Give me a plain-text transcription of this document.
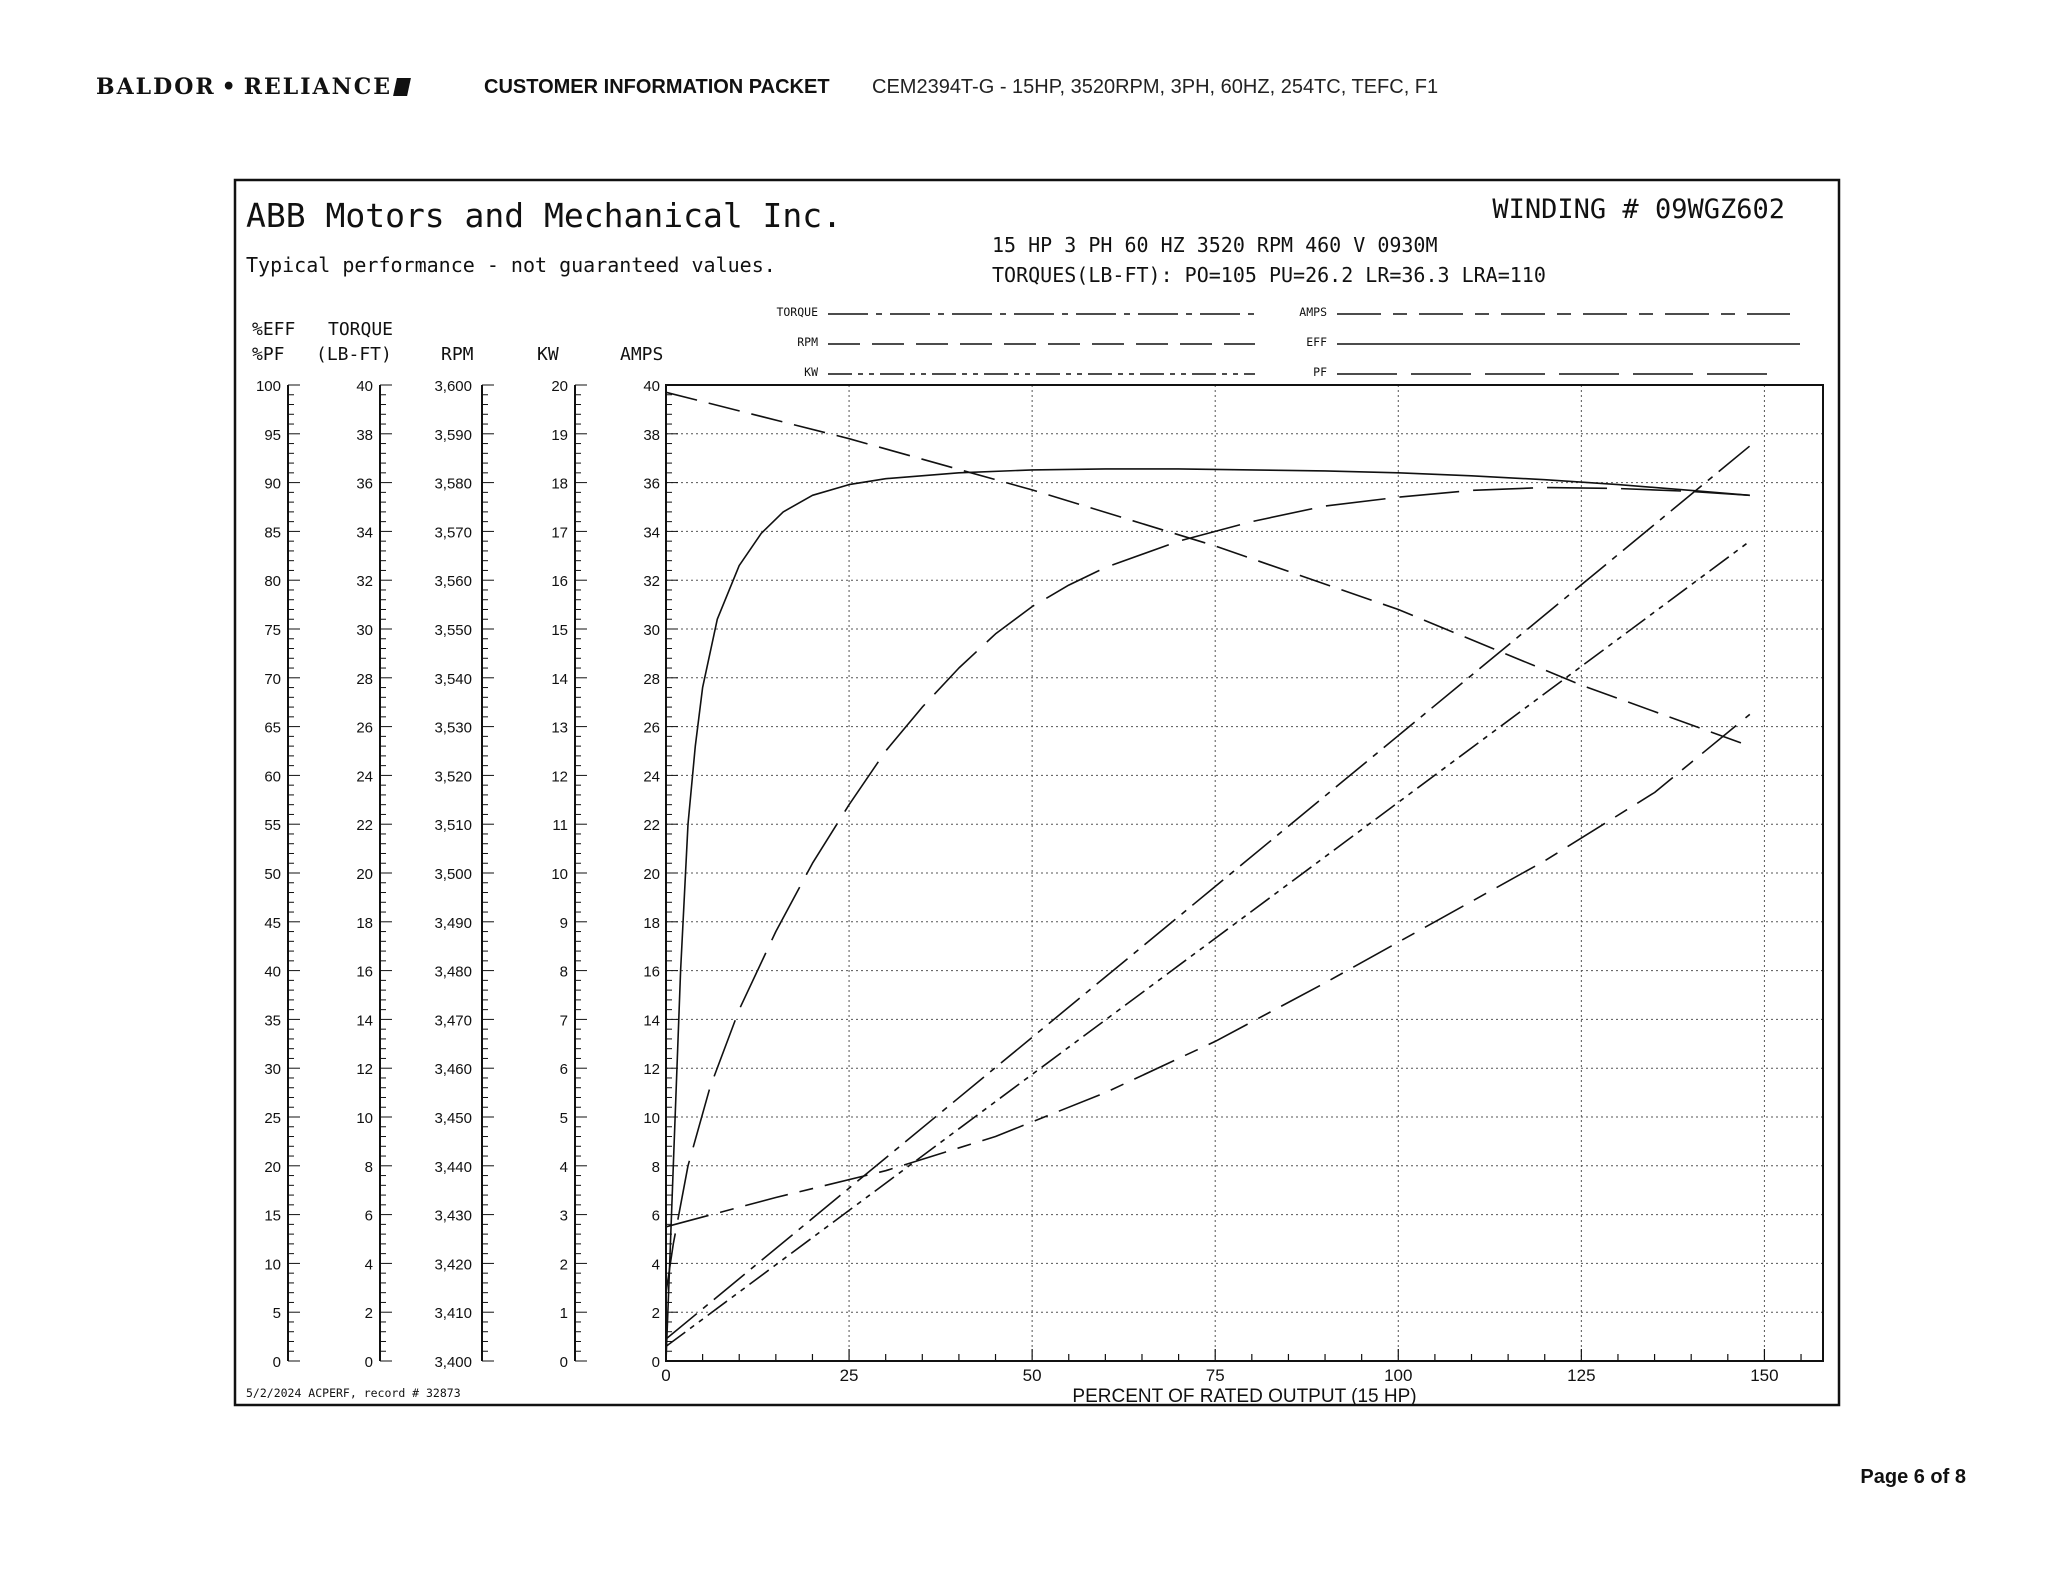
BALDOR • RELIANCE	CUSTOMER INFORMATION PACKET CEM2394T-G - 15HP, 3520RPM, 3PH, 60HZ, 254TC, TEFC, F1
ABB Motors and Mechanical Inc.
Typical performance - not guaranteed values.
WINDING # 09WGZ602
15 HP 3 PH 60 HZ 3520 RPM 460 V 0930M
TORQUES(LB-FT): PO=105 PU=26.2 LR=36.3 LRA=110
5/2/2024 ACPERF, record # 32873
0	25	50	75	100	125	150
PERCENT OF RATED OUTPUT (15 HP)
100
95
90
85
80
75
70
65
60
55
50
45
40
35
30
25
20
15
10
5
0
40
38
36
34
32
30
28
26
24
22
20
18
16
14
12
10
8
6
4
2
0
3,600
3,590
3,580
3,570
3,560
3,550
3,540
3,530
3,520
3,510
3,500
3,490
3,480
3,470
3,460
3,450
3,440
3,430
3,420
3,410
3,400
20
19
18
17
16
15
14
13
12
11
10
9
8
7
6
5
4
3
2
1
0
40
38
36
34
32
30
28
26
24
22
20
18
16
14
12
10
8
6
4
2
0
%EFF
%PF
TORQUE
(LB-FT)	RPM	KW	AMPS
TORQUE
RPM
KW
AMPS
EFF
PF
Page 6 of 8
